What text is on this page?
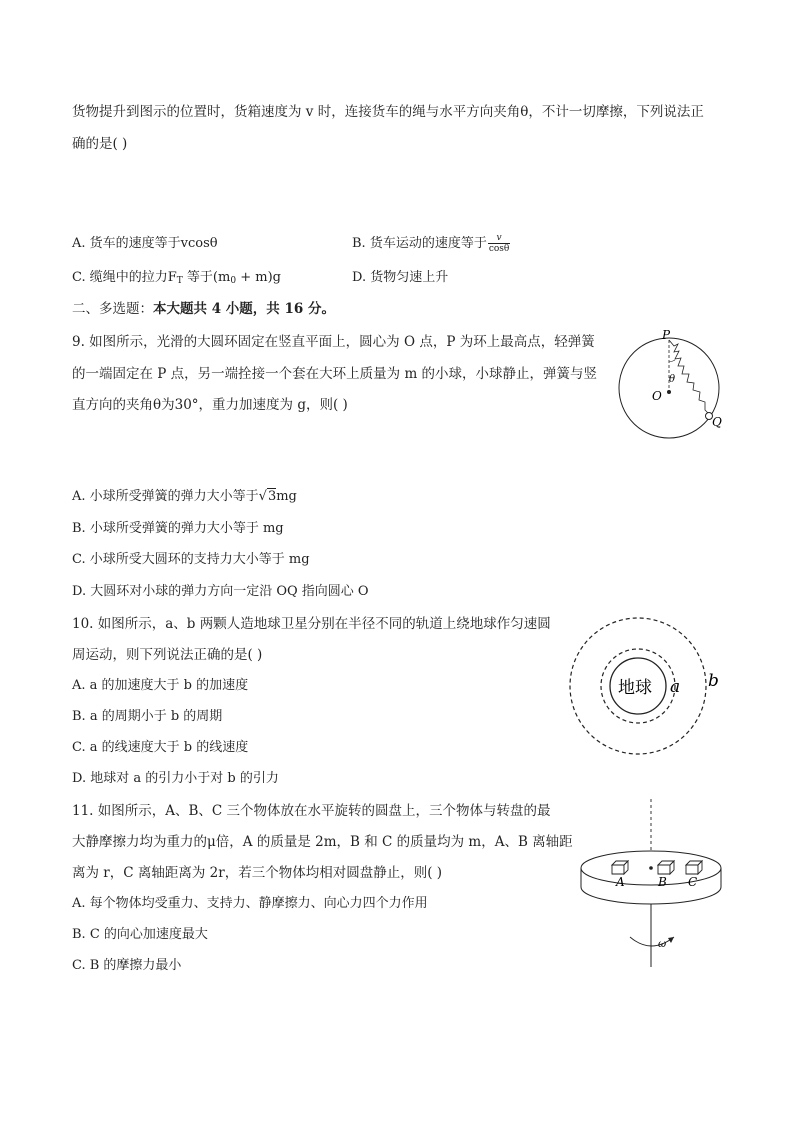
货物提升到图示的位置时，货箱速度为 v 时，连接货车的绳与水平方向夹角θ，不计一切摩擦，下列说法正
确的是( )
A. 货车的速度等于vcosθ	B. 货车运动的速度等于 $\frac{v}{\cos\theta}$
C. 缆绳中的拉力$F_T$ 等于$(m_0 + m)g$	D. 货物匀速上升
二、多选题：本大题共 4 小题，共 16 分。
9. 如图所示，光滑的大圆环固定在竖直平面上，圆心为 O 点，P 为环上最高点，轻弹簧
的一端固定在 P 点，另一端拴接一个套在大环上质量为 m 的小球，小球静止，弹簧与竖
直方向的夹角θ为30°，重力加速度为 g，则( )
P
θ
O
Q
A. 小球所受弹簧的弹力大小等于√3mg
B. 小球所受弹簧的弹力大小等于 mg
C. 小球所受大圆环的支持力大小等于 mg
D. 大圆环对小球的弹力方向一定沿 OQ 指向圆心 O
10. 如图所示，a、b 两颗人造地球卫星分别在半径不同的轨道上绕地球作匀速圆
周运动，则下列说法正确的是( )
A. a 的加速度大于 b 的加速度
B. a 的周期小于 b 的周期
C. a 的线速度大于 b 的线速度
D. 地球对 a 的引力小于对 b 的引力
地球 a b
11. 如图所示，A、B、C 三个物体放在水平旋转的圆盘上，三个物体与转盘的最
大静摩擦力均为重力的μ倍，A 的质量是 2m，B 和 C 的质量均为 m，A、B 离轴距
离为 r，C 离轴距离为 2r，若三个物体均相对圆盘静止，则( )
A. 每个物体均受重力、支持力、静摩擦力、向心力四个力作用
B. C 的向心加速度最大
C. B 的摩擦力最小
A	B C
ω
